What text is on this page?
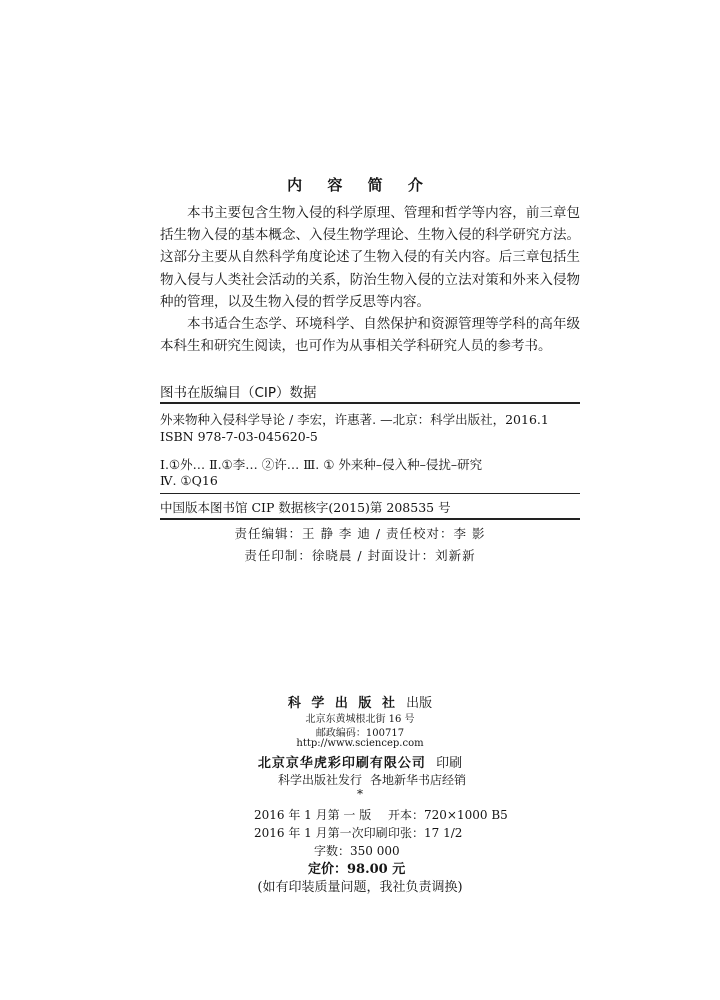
内 容 简 介
本书主要包含生物入侵的科学原理、管理和哲学等内容，前三章包括生物入侵的基本概念、入侵生物学理论、生物入侵的科学研究方法。这部分主要从自然科学角度论述了生物入侵的有关内容。后三章包括生物入侵与人类社会活动的关系，防治生物入侵的立法对策和外来入侵物种的管理，以及生物入侵的哲学反思等内容。
本书适合生态学、环境科学、自然保护和资源管理等学科的高年级本科生和研究生阅读，也可作为从事相关学科研究人员的参考书。
图书在版编目（CIP）数据
外来物种入侵科学导论 / 李宏，许惠著. —北京：科学出版社，2016.1
ISBN 978-7-03-045620-5
Ⅰ.①外… Ⅱ.①李… ②许… Ⅲ. ① 外来种–侵入种–侵扰–研究
Ⅳ. ①Q16
中国版本图书馆 CIP 数据核字(2015)第 208535 号
责任编辑：王 静 李 迪 / 责任校对：李 影
责任印制：徐晓晨 / 封面设计：刘新新
科 学 出 版 社 出版
北京东黄城根北街 16 号
邮政编码：100717
http://www.sciencep.com
北京京华虎彩印刷有限公司 印刷
科学出版社发行 各地新华书店经销
*
2016 年 1 月第 一 版 开本：720×1000 B5
2016 年 1 月第一次印刷 印张：17 1/2
字数：350 000
定价：98.00 元
(如有印装质量问题，我社负责调换)
